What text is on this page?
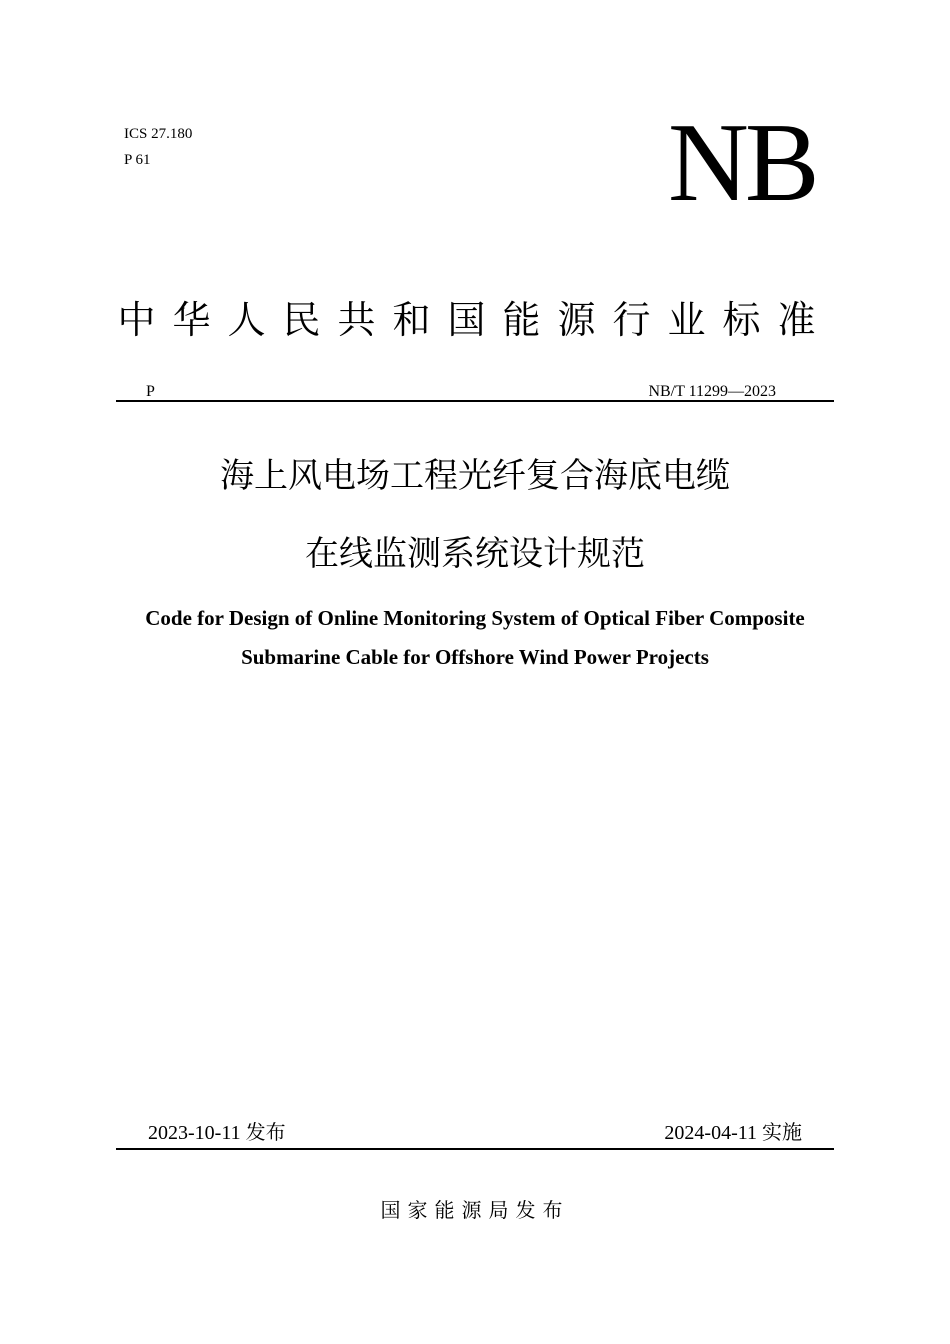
ICS 27.180
P 61	NB
中华人民共和国能源行业标准
P	NB/T 11299—2023
海上风电场工程光纤复合海底电缆
在线监测系统设计规范
Code for Design of Online Monitoring System of Optical Fiber Composite
Submarine Cable for Offshore Wind Power Projects
2023-10-11 发布	2024-04-11 实施
国家能源局发布
